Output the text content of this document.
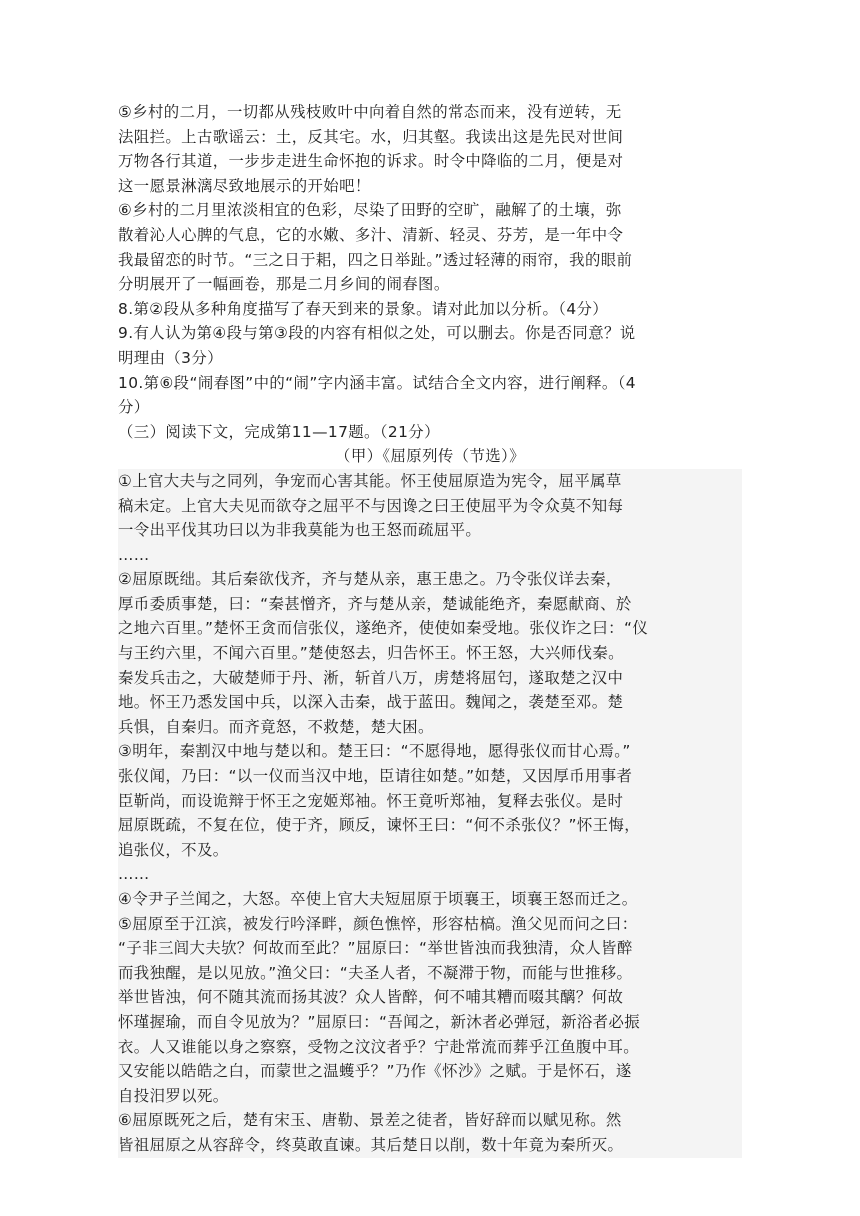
⑤乡村的二月，一切都从残枝败叶中向着自然的常态而来，没有逆转，无

法阻拦。上古歌谣云：土，反其宅。水，归其壑。我读出这是先民对世间

万物各行其道，一步步走进生命怀抱的诉求。时令中降临的二月，便是对

这一愿景淋漓尽致地展示的开始吧！

⑥乡村的二月里浓淡相宜的色彩，尽染了田野的空旷，融解了的土壤，弥

散着沁人心脾的气息，它的水嫩、多汁、清新、轻灵、芬芳，是一年中令

我最留恋的时节。“三之日于耜，四之日举趾。”透过轻薄的雨帘，我的眼前

分明展开了一幅画卷，那是二月乡间的闹春图。

8.第②段从多种角度描写了春天到来的景象。请对此加以分析。（4分）

9.有人认为第④段与第③段的内容有相似之处，可以删去。你是否同意？说

明理由（3分）

10.第⑥段“闹春图”中的“闹”字内涵丰富。试结合全文内容，进行阐释。（4

分）

（三）阅读下文，完成第11—17题。（21分）

（甲）《屈原列传（节选）》

①上官大夫与之同列，争宠而心害其能。怀王使屈原造为宪令，屈平属草

稿未定。上官大夫见而欲夺之屈平不与因谗之曰王使屈平为令众莫不知每

一令出平伐其功曰以为非我莫能为也王怒而疏屈平。

……

②屈原既绌。其后秦欲伐齐，齐与楚从亲，惠王患之。乃令张仪详去秦，

厚币委质事楚，曰：“秦甚憎齐，齐与楚从亲，楚诚能绝齐，秦愿献商、於

之地六百里。”楚怀王贪而信张仪，遂绝齐，使使如秦受地。张仪诈之曰：“仪

与王约六里，不闻六百里。”楚使怒去，归告怀王。怀王怒，大兴师伐秦。

秦发兵击之，大破楚师于丹、淅，斩首八万，虏楚将屈匄，遂取楚之汉中

地。怀王乃悉发国中兵，以深入击秦，战于蓝田。魏闻之，袭楚至邓。楚

兵惧，自秦归。而齐竟怒，不救楚，楚大困。

③明年，秦割汉中地与楚以和。楚王曰：“不愿得地，愿得张仪而甘心焉。”

张仪闻，乃曰：“以一仪而当汉中地，臣请往如楚。”如楚，又因厚币用事者

臣靳尚，而设诡辩于怀王之宠姬郑袖。怀王竟听郑袖，复释去张仪。是时

屈原既疏，不复在位，使于齐，顾反，谏怀王曰：“何不杀张仪？”怀王悔，

追张仪，不及。

……

④令尹子兰闻之，大怒。卒使上官大夫短屈原于顷襄王，顷襄王怒而迁之。

⑤屈原至于江滨，被发行吟泽畔，颜色憔悴，形容枯槁。渔父见而问之曰：

“子非三闾大夫欤？何故而至此？”屈原曰：“举世皆浊而我独清，众人皆醉

而我独醒，是以见放。”渔父曰：“夫圣人者，不凝滞于物，而能与世推移。

举世皆浊，何不随其流而扬其波？众人皆醉，何不哺其糟而啜其醨？何故

怀瑾握瑜，而自令见放为？”屈原曰：“吾闻之，新沐者必弹冠，新浴者必振

衣。人又谁能以身之察察，受物之汶汶者乎？宁赴常流而葬乎江鱼腹中耳。

又安能以皓皓之白，而蒙世之温蠖乎？”乃作《怀沙》之赋。于是怀石，遂

自投汨罗以死。

⑥屈原既死之后，楚有宋玉、唐勒、景差之徒者，皆好辞而以赋见称。然

皆祖屈原之从容辞令，终莫敢直谏。其后楚日以削，数十年竟为秦所灭。
